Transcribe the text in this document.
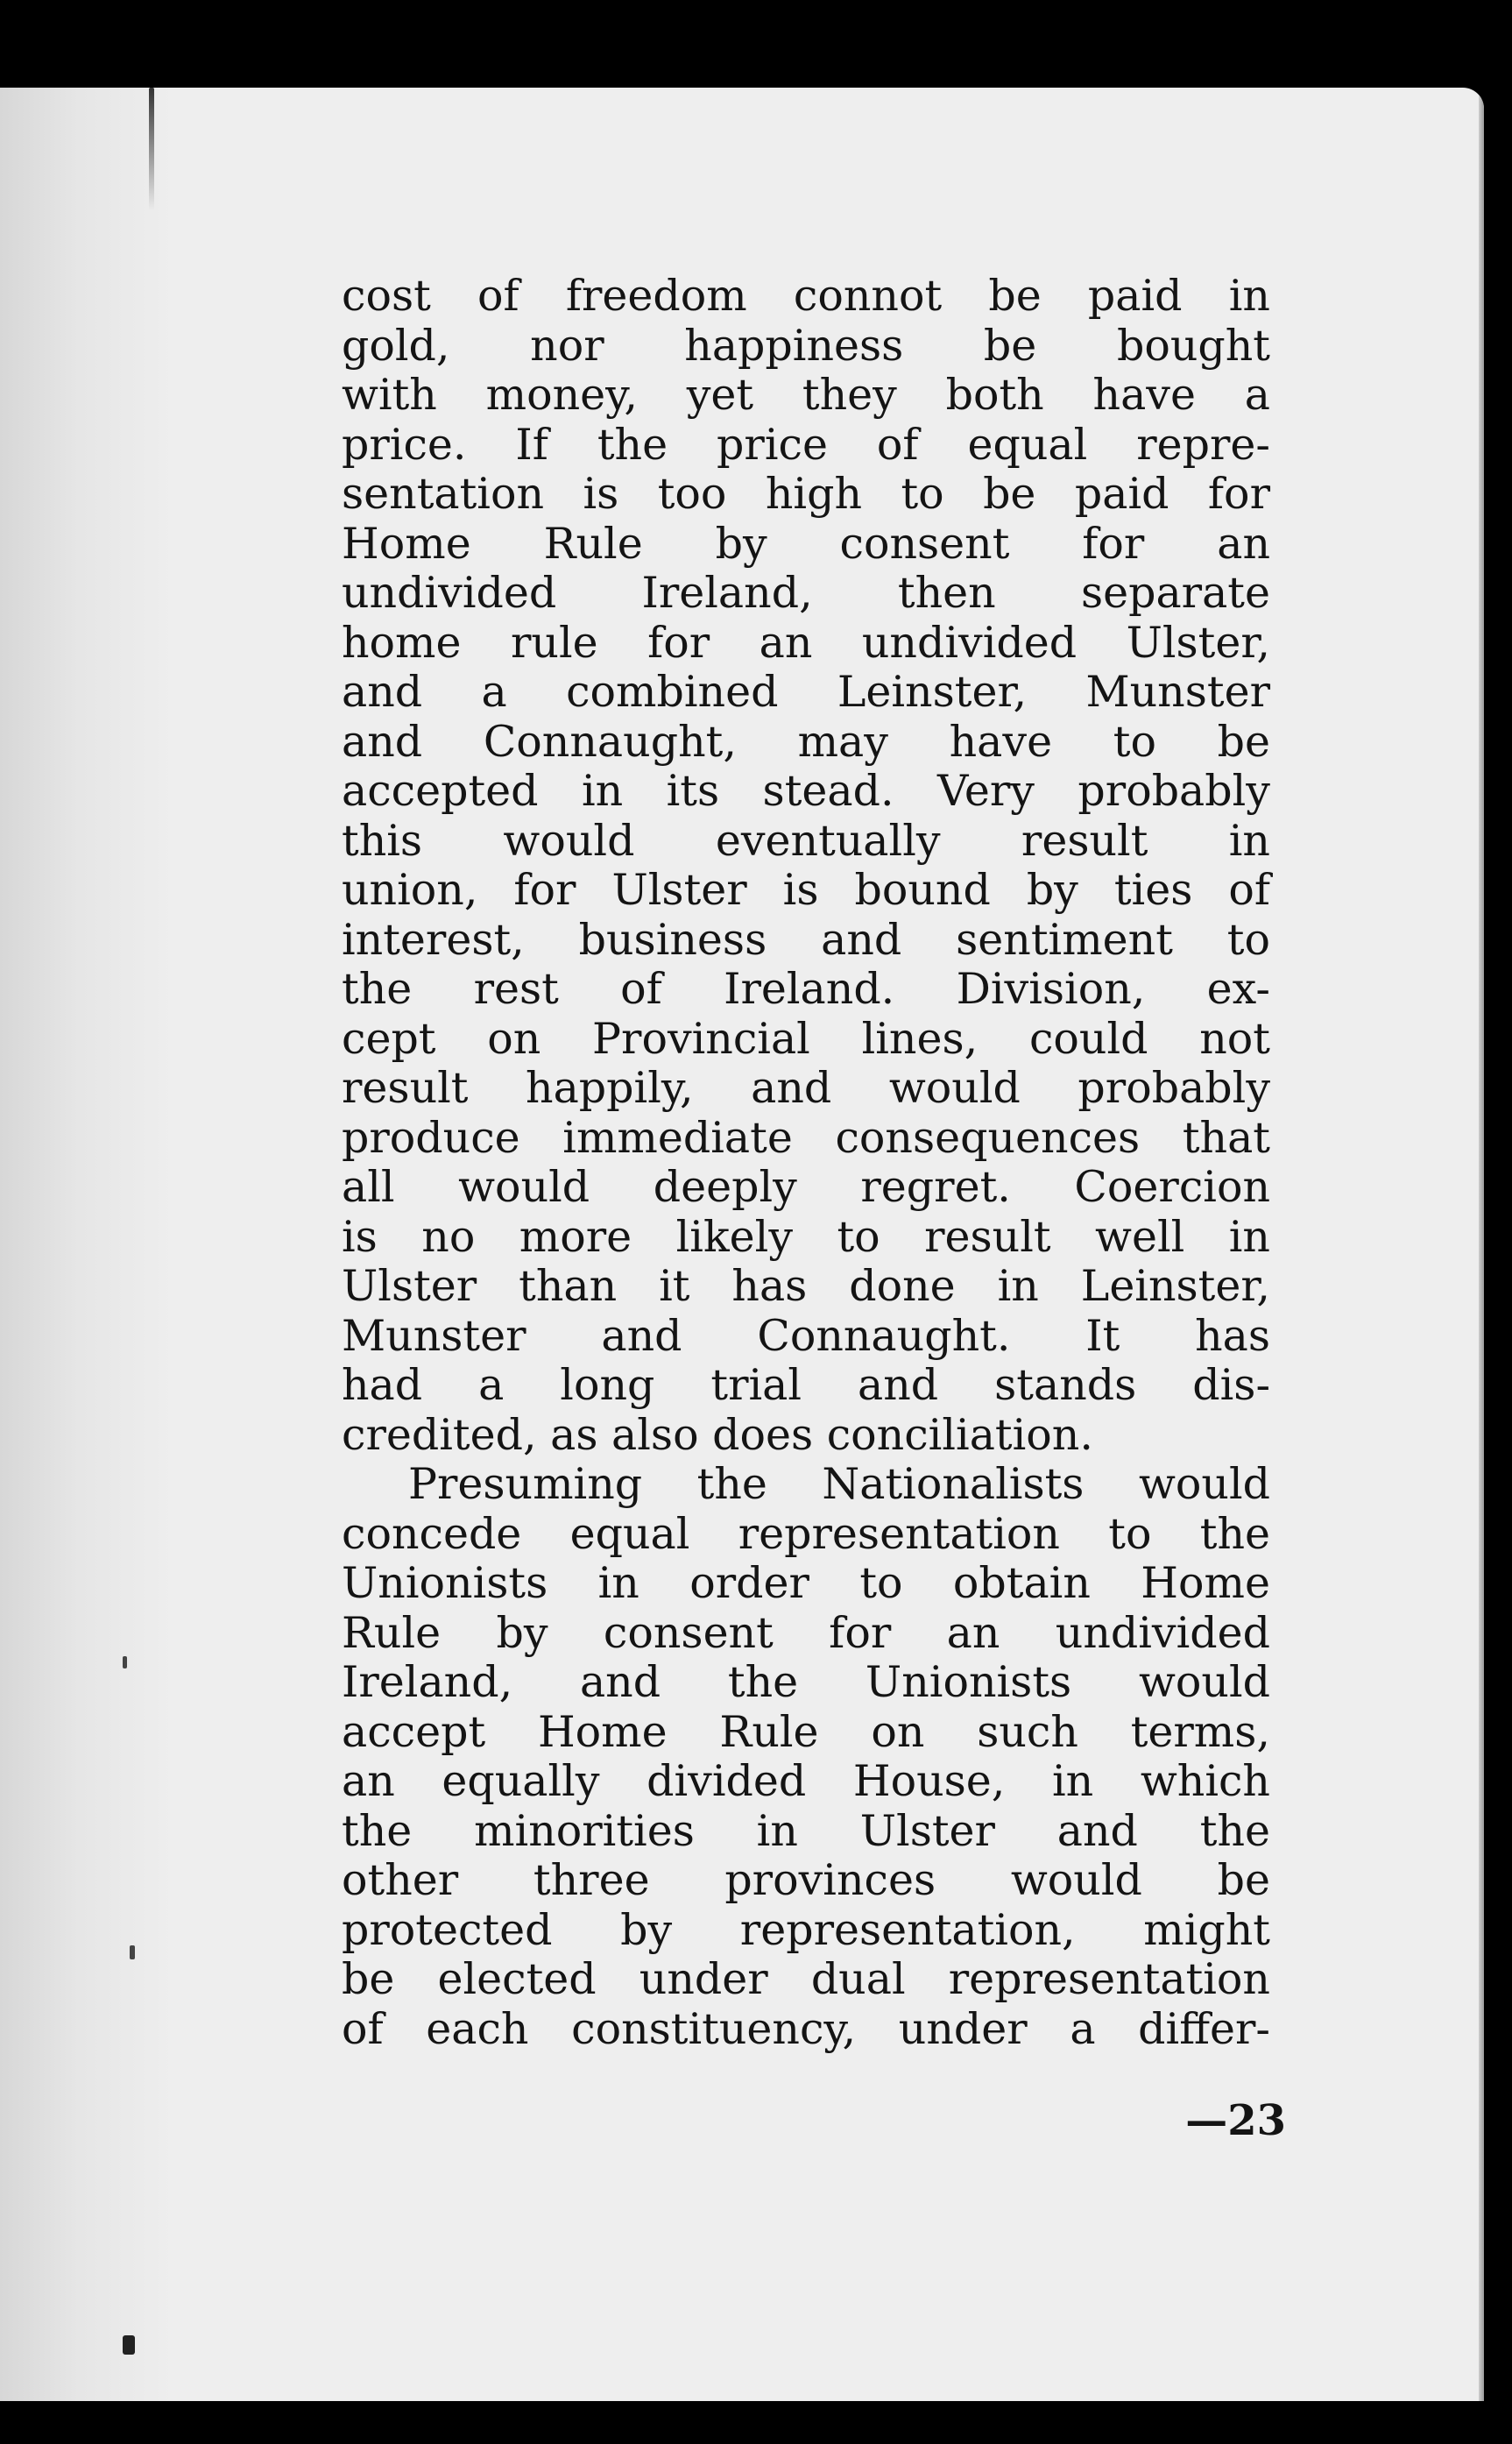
cost of freedom connot be paid in
gold, nor happiness be bought
with money, yet they both have a
price. If the price of equal repre-
sentation is too high to be paid for
Home Rule by consent for an
undivided Ireland, then separate
home rule for an undivided Ulster,
and a combined Leinster, Munster
and Connaught, may have to be
accepted in its stead. Very probably
this would eventually result in
union, for Ulster is bound by ties of
interest, business and sentiment to
the rest of Ireland. Division, ex-
cept on Provincial lines, could not
result happily, and would probably
produce immediate consequences that
all would deeply regret. Coercion
is no more likely to result well in
Ulster than it has done in Leinster,
Munster and Connaught. It has
had a long trial and stands dis-
credited, as also does conciliation.
Presuming the Nationalists would
concede equal representation to the
Unionists in order to obtain Home
Rule by consent for an undivided
Ireland, and the Unionists would
accept Home Rule on such terms,
an equally divided House, in which
the minorities in Ulster and the
other three provinces would be
protected by representation, might
be elected under dual representation
of each constituency, under a differ-
—23
